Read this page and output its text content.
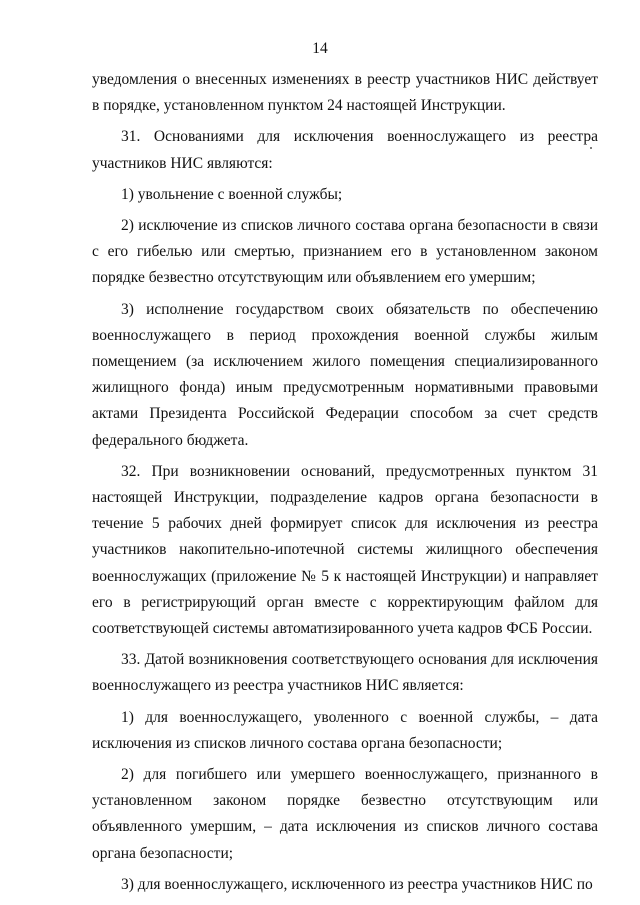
14

уведомления о внесенных изменениях в реестр участников НИС действует в порядке, установленном пунктом 24 настоящей Инструкции.

31. Основаниями для исключения военнослужащего из реестра участников НИС являются:

1) увольнение с военной службы;

2) исключение из списков личного состава органа безопасности в связи с его гибелью или смертью, признанием его в установленном законом порядке безвестно отсутствующим или объявлением его умершим;

3) исполнение государством своих обязательств по обеспечению военнослужащего в период прохождения военной службы жилым помещением (за исключением жилого помещения специализированного жилищного фонда) иным предусмотренным нормативными правовыми актами Президента Российской Федерации способом за счет средств федерального бюджета.

32. При возникновении оснований, предусмотренных пунктом 31 настоящей Инструкции, подразделение кадров органа безопасности в течение 5 рабочих дней формирует список для исключения из реестра участников накопительно-ипотечной системы жилищного обеспечения военнослужащих (приложение № 5 к настоящей Инструкции) и направляет его в регистрирующий орган вместе с корректирующим файлом для соответствующей системы автоматизированного учета кадров ФСБ России.

33. Датой возникновения соответствующего основания для исключения военнослужащего из реестра участников НИС является:

1) для военнослужащего, уволенного с военной службы, – дата исключения из списков личного состава органа безопасности;

2) для погибшего или умершего военнослужащего, признанного в установленном законом порядке безвестно отсутствующим или объявленного умершим, – дата исключения из списков личного состава органа безопасности;

3) для военнослужащего, исключенного из реестра участников НИС по
